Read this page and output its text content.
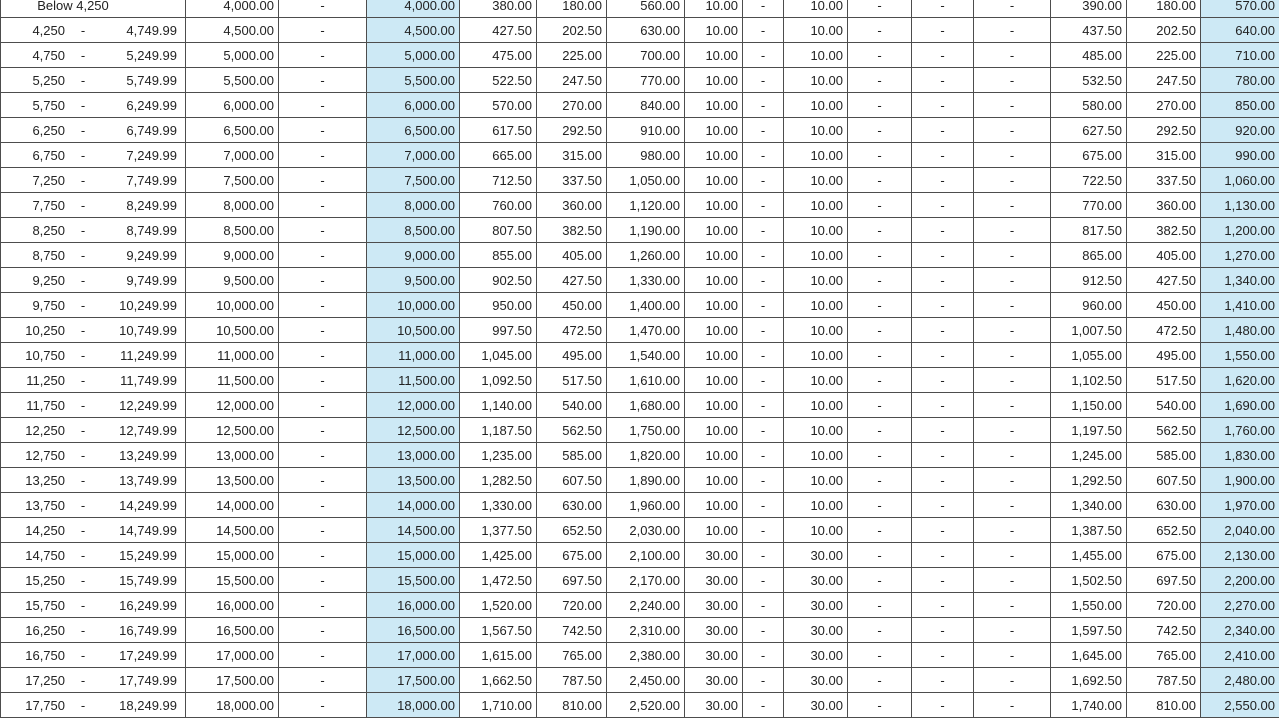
Below 4,250	4,000.00	-	4,000.00	380.00	180.00	560.00	10.00	-	10.00	-	-	-	390.00	180.00	570.00

4,250 - 4,749.99	4,500.00	-	4,500.00	427.50	202.50	630.00	10.00	-	10.00	-	-	-	437.50	202.50	640.00

4,750 - 5,249.99	5,000.00	-	5,000.00	475.00	225.00	700.00	10.00	-	10.00	-	-	-	485.00	225.00	710.00

5,250 - 5,749.99	5,500.00	-	5,500.00	522.50	247.50	770.00	10.00	-	10.00	-	-	-	532.50	247.50	780.00

5,750 - 6,249.99	6,000.00	-	6,000.00	570.00	270.00	840.00	10.00	-	10.00	-	-	-	580.00	270.00	850.00

6,250 - 6,749.99	6,500.00	-	6,500.00	617.50	292.50	910.00	10.00	-	10.00	-	-	-	627.50	292.50	920.00

6,750 - 7,249.99	7,000.00	-	7,000.00	665.00	315.00	980.00	10.00	-	10.00	-	-	-	675.00	315.00	990.00

7,250 - 7,749.99	7,500.00	-	7,500.00	712.50	337.50	1,050.00	10.00	-	10.00	-	-	-	722.50	337.50	1,060.00

7,750 - 8,249.99	8,000.00	-	8,000.00	760.00	360.00	1,120.00	10.00	-	10.00	-	-	-	770.00	360.00	1,130.00

8,250 - 8,749.99	8,500.00	-	8,500.00	807.50	382.50	1,190.00	10.00	-	10.00	-	-	-	817.50	382.50	1,200.00

8,750 - 9,249.99	9,000.00	-	9,000.00	855.00	405.00	1,260.00	10.00	-	10.00	-	-	-	865.00	405.00	1,270.00

9,250 - 9,749.99	9,500.00	-	9,500.00	902.50	427.50	1,330.00	10.00	-	10.00	-	-	-	912.50	427.50	1,340.00

9,750 - 10,249.99	10,000.00	-	10,000.00	950.00	450.00	1,400.00	10.00	-	10.00	-	-	-	960.00	450.00	1,410.00

10,250 - 10,749.99	10,500.00	-	10,500.00	997.50	472.50	1,470.00	10.00	-	10.00	-	-	-	1,007.50	472.50	1,480.00

10,750 - 11,249.99	11,000.00	-	11,000.00	1,045.00	495.00	1,540.00	10.00	-	10.00	-	-	-	1,055.00	495.00	1,550.00

11,250 - 11,749.99	11,500.00	-	11,500.00	1,092.50	517.50	1,610.00	10.00	-	10.00	-	-	-	1,102.50	517.50	1,620.00

11,750 - 12,249.99	12,000.00	-	12,000.00	1,140.00	540.00	1,680.00	10.00	-	10.00	-	-	-	1,150.00	540.00	1,690.00

12,250 - 12,749.99	12,500.00	-	12,500.00	1,187.50	562.50	1,750.00	10.00	-	10.00	-	-	-	1,197.50	562.50	1,760.00

12,750 - 13,249.99	13,000.00	-	13,000.00	1,235.00	585.00	1,820.00	10.00	-	10.00	-	-	-	1,245.00	585.00	1,830.00

13,250 - 13,749.99	13,500.00	-	13,500.00	1,282.50	607.50	1,890.00	10.00	-	10.00	-	-	-	1,292.50	607.50	1,900.00

13,750 - 14,249.99	14,000.00	-	14,000.00	1,330.00	630.00	1,960.00	10.00	-	10.00	-	-	-	1,340.00	630.00	1,970.00

14,250 - 14,749.99	14,500.00	-	14,500.00	1,377.50	652.50	2,030.00	10.00	-	10.00	-	-	-	1,387.50	652.50	2,040.00

14,750 - 15,249.99	15,000.00	-	15,000.00	1,425.00	675.00	2,100.00	30.00	-	30.00	-	-	-	1,455.00	675.00	2,130.00

15,250 - 15,749.99	15,500.00	-	15,500.00	1,472.50	697.50	2,170.00	30.00	-	30.00	-	-	-	1,502.50	697.50	2,200.00

15,750 - 16,249.99	16,000.00	-	16,000.00	1,520.00	720.00	2,240.00	30.00	-	30.00	-	-	-	1,550.00	720.00	2,270.00

16,250 - 16,749.99	16,500.00	-	16,500.00	1,567.50	742.50	2,310.00	30.00	-	30.00	-	-	-	1,597.50	742.50	2,340.00

16,750 - 17,249.99	17,000.00	-	17,000.00	1,615.00	765.00	2,380.00	30.00	-	30.00	-	-	-	1,645.00	765.00	2,410.00

17,250 - 17,749.99	17,500.00	-	17,500.00	1,662.50	787.50	2,450.00	30.00	-	30.00	-	-	-	1,692.50	787.50	2,480.00

17,750 - 18,249.99	18,000.00	-	18,000.00	1,710.00	810.00	2,520.00	30.00	-	30.00	-	-	-	1,740.00	810.00	2,550.00
